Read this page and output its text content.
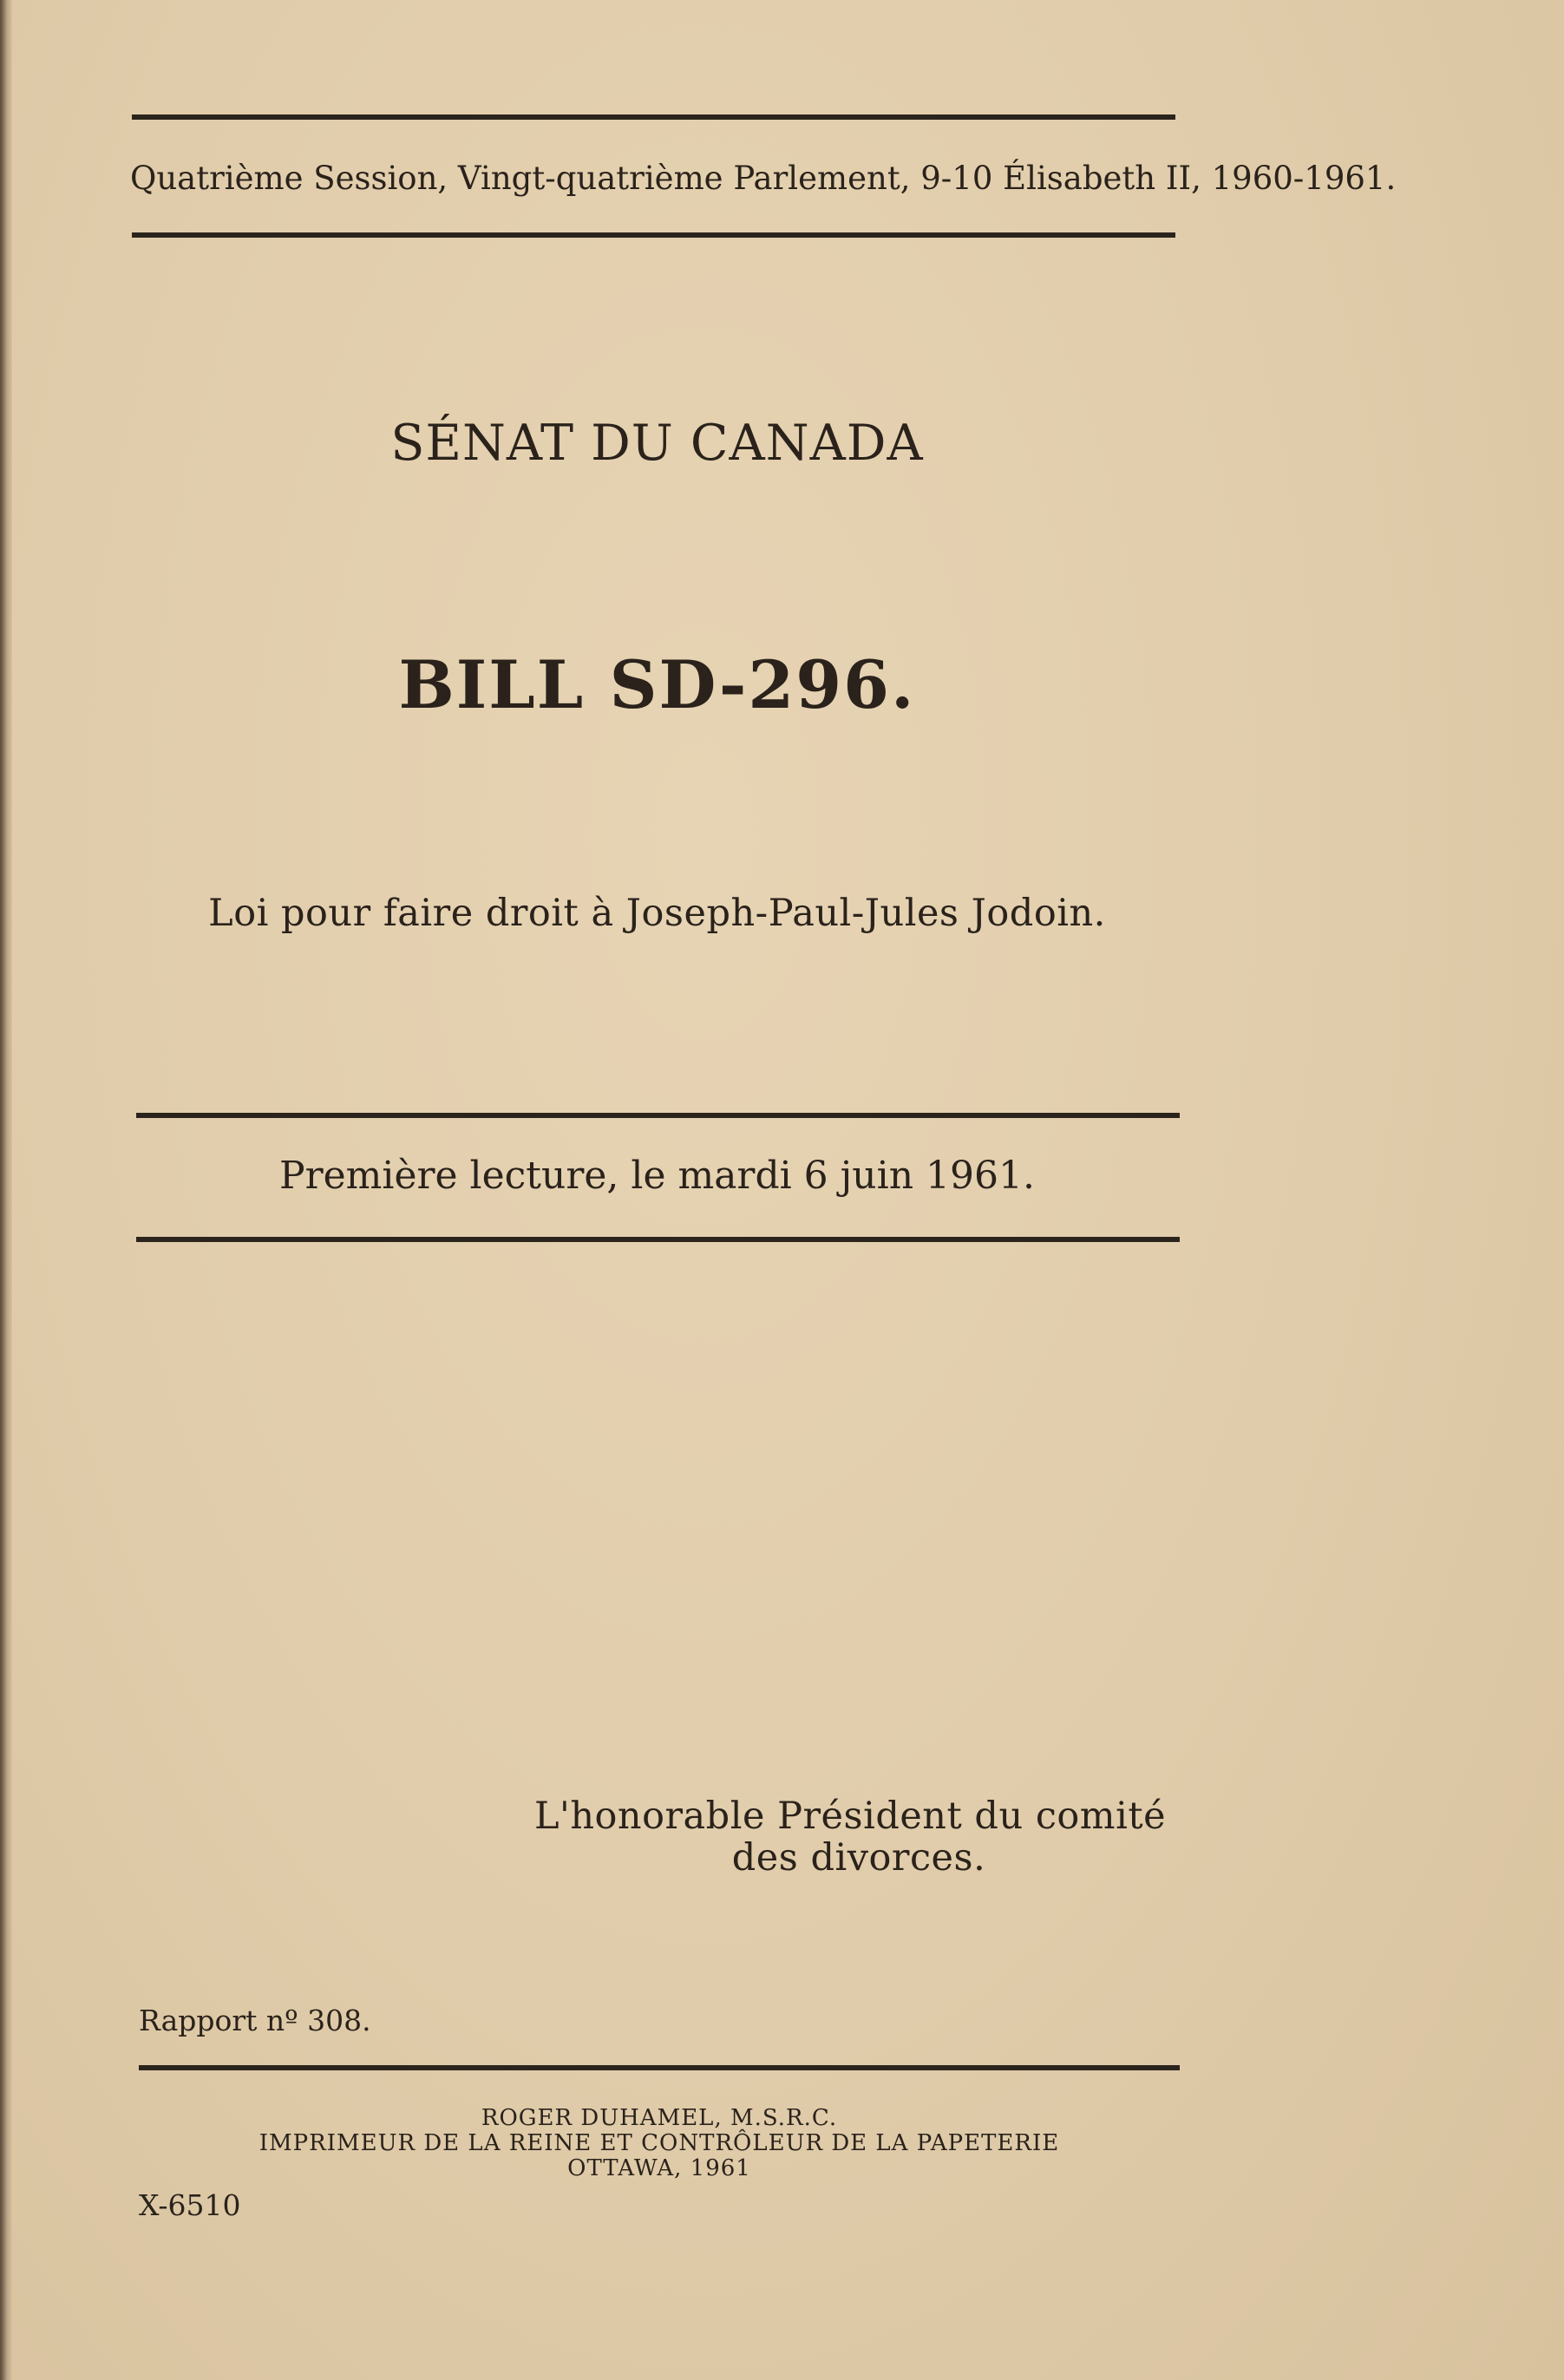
Quatrième Session, Vingt-quatrième Parlement, 9-10 Élisabeth II, 1960-1961.
SÉNAT DU CANADA
BILL SD-296.
Loi pour faire droit à Joseph-Paul-Jules Jodoin.
Première lecture, le mardi 6 juin 1961.
L'honorable Président du comité
des divorces.
Rapport nº 308.
ROGER DUHAMEL, M.S.R.C.
IMPRIMEUR DE LA REINE ET CONTRÔLEUR DE LA PAPETERIE
OTTAWA, 1961
X-6510
